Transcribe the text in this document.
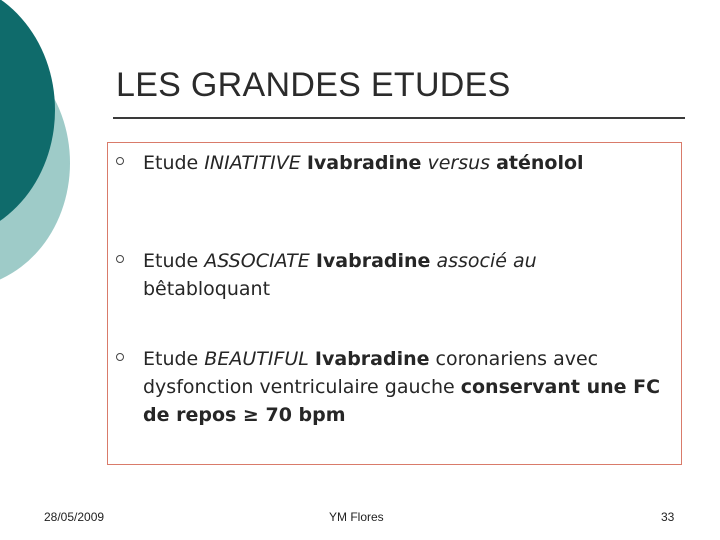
LES GRANDES ETUDES
Etude INIATITIVE Ivabradine versus aténolol
Etude ASSOCIATE Ivabradine associé au bêtabloquant
Etude BEAUTIFUL Ivabradine coronariens avec dysfonction ventriculaire gauche conservant une FC de repos ≥ 70 bpm
28/05/2009	YM Flores	33
